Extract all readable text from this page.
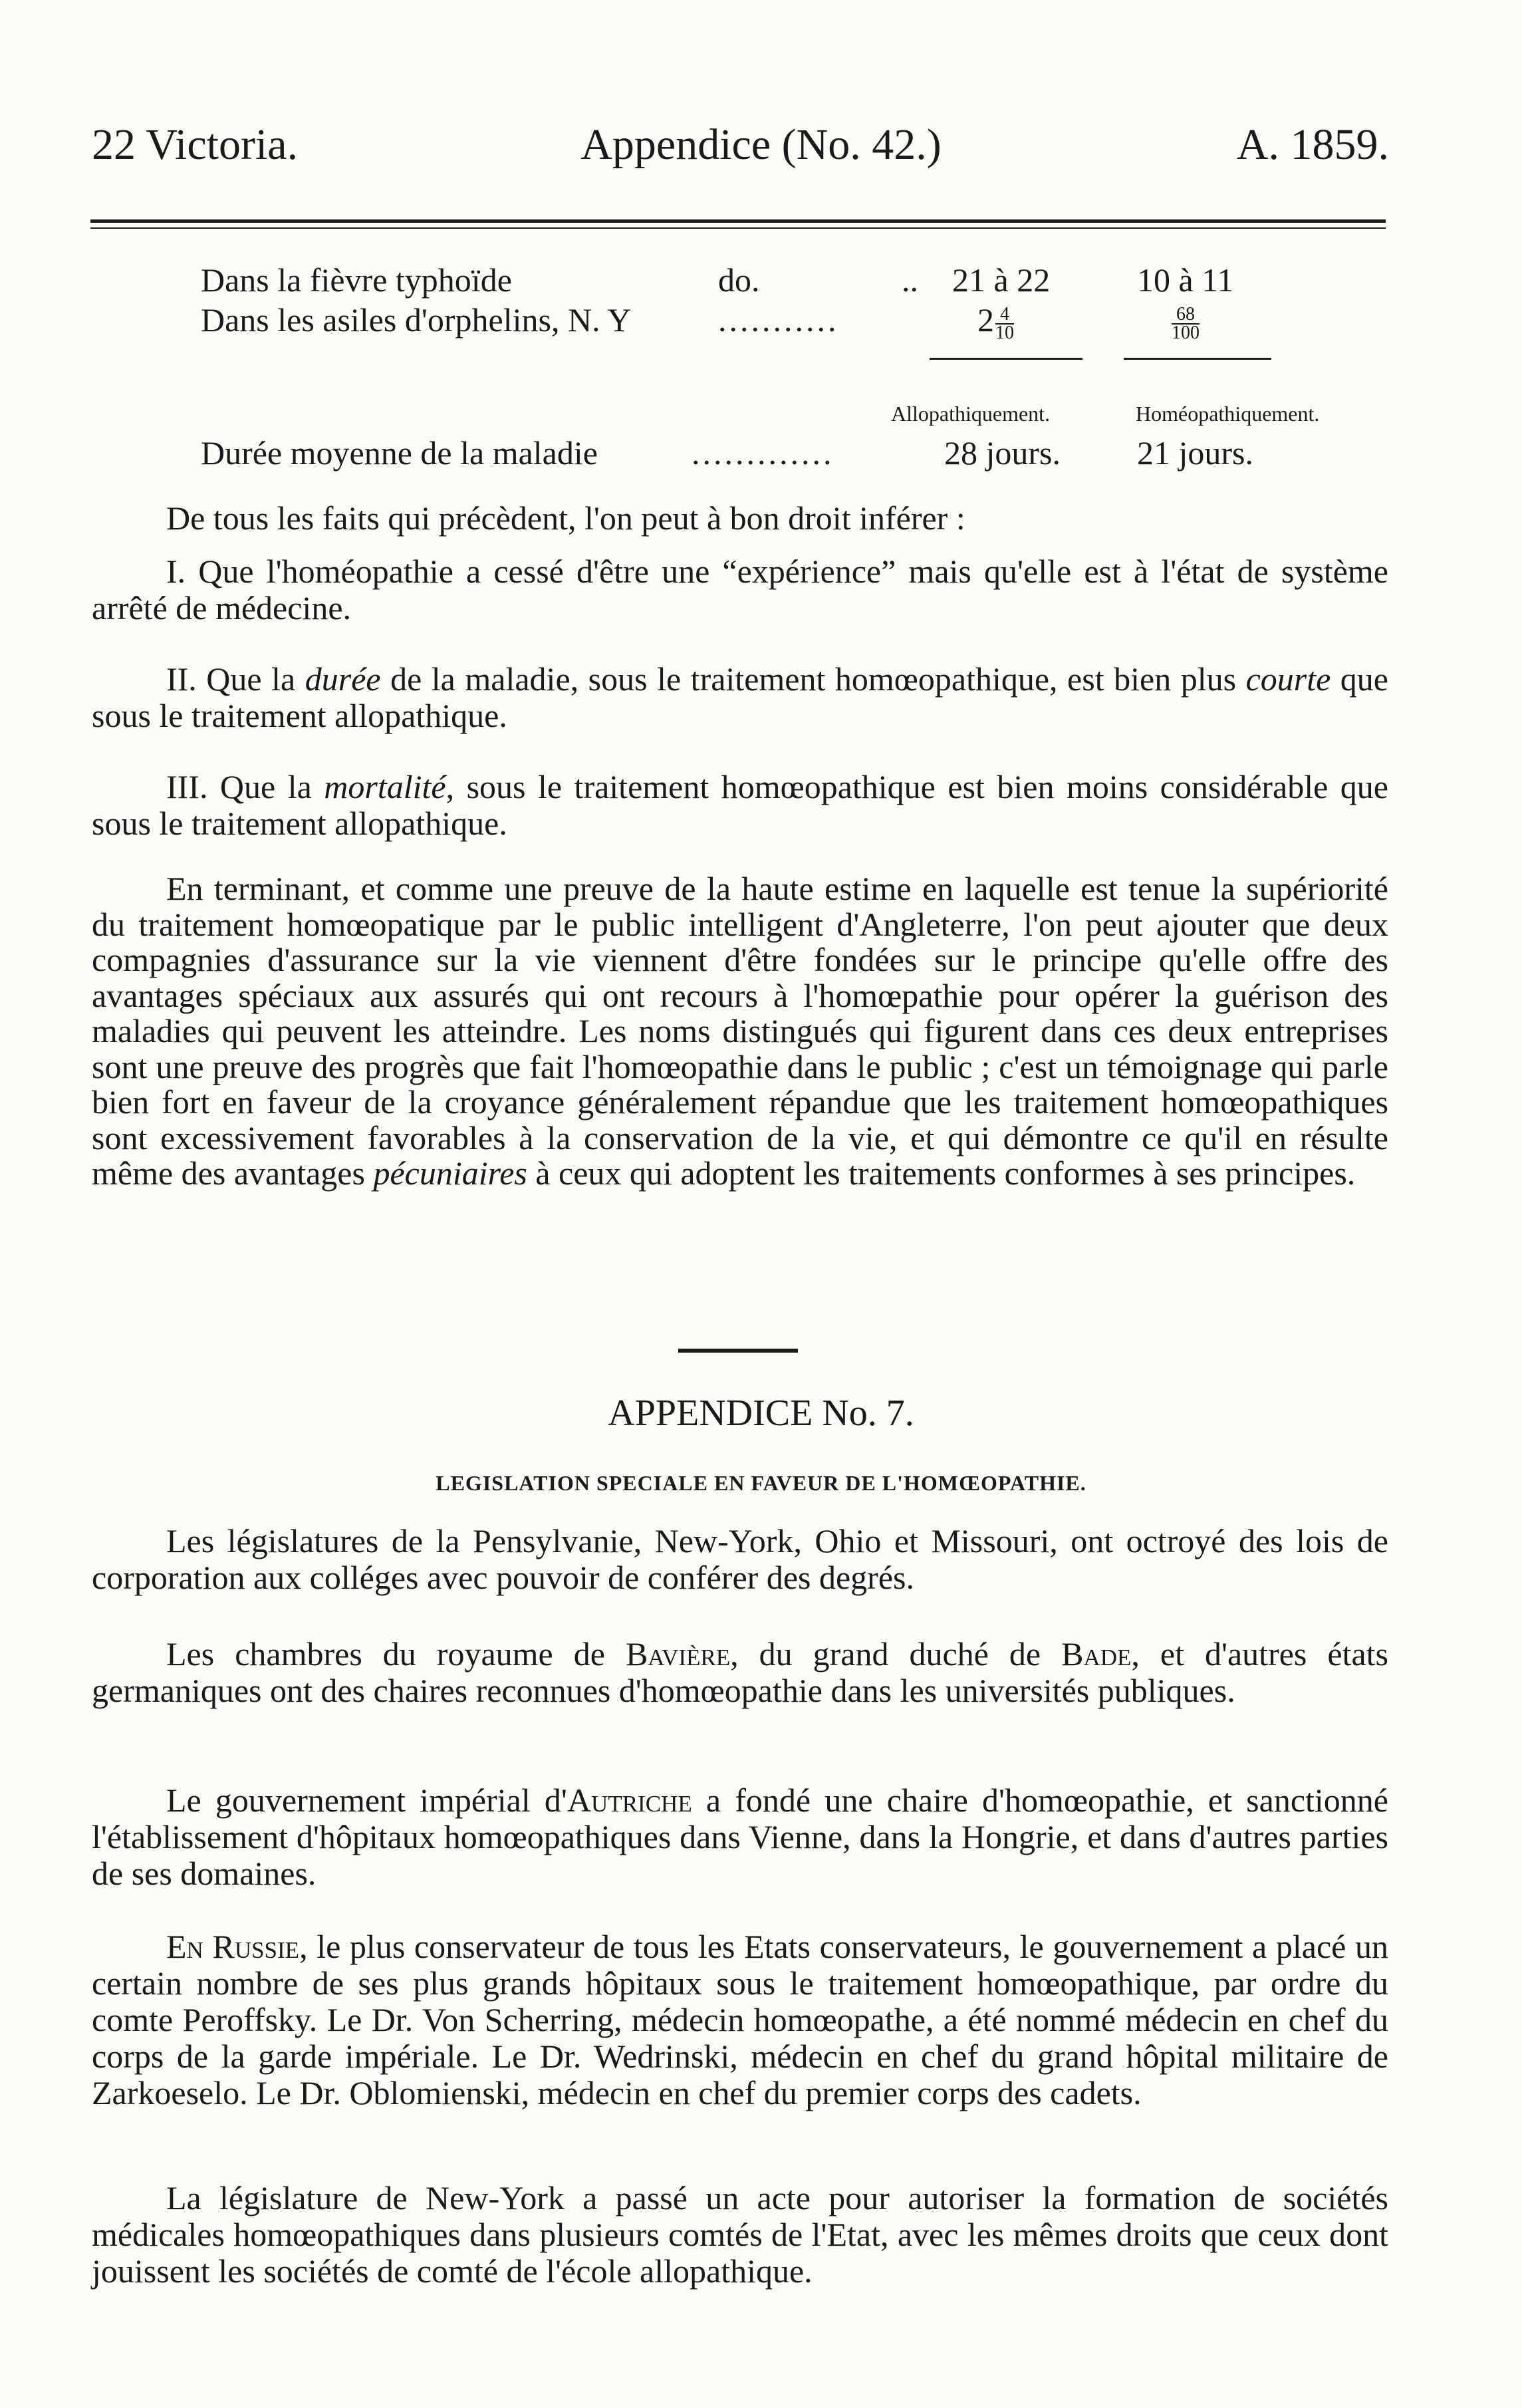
22 Victoria.	Appendice (No. 42.)	A. 1859.
Dans la fièvre typhoïde	do.	.. 21 à 22	10 à 11
Dans les asiles d'orphelins, N. Y	...........	$2 \frac{4}{10}$	$\frac{68}{100}$
Allopathiquement.	Homéopathiquement.
Durée moyenne de la maladie	.............	28 jours. 21 jours.
De tous les faits qui précèdent, l'on peut à bon droit inférer :
I. Que l'homéopathie a cessé d'être une “expérience” mais qu'elle est à l'état de système arrêté de médecine.
II. Que la durée de la maladie, sous le traitement homœopathique, est bien plus courte que sous le traitement allopathique.
III. Que la mortalité, sous le traitement homœopathique est bien moins considérable que sous le traitement allopathique.
En terminant, et comme une preuve de la haute estime en laquelle est tenue la supériorité du traitement homœopatique par le public intelligent d'Angleterre, l'on peut ajouter que deux compagnies d'assurance sur la vie viennent d'être fondées sur le principe qu'elle offre des avantages spéciaux aux assurés qui ont recours à l'homœpathie pour opérer la guérison des maladies qui peuvent les atteindre. Les noms distingués qui figurent dans ces deux entreprises sont une preuve des progrès que fait l'homœopathie dans le public ; c'est un témoignage qui parle bien fort en faveur de la croyance généralement répandue que les traitement homœopathiques sont excessivement favorables à la conservation de la vie, et qui démontre ce qu'il en résulte même des avantages pécuniaires à ceux qui adoptent les traitements conformes à ses principes.
APPENDICE No. 7.
LEGISLATION SPECIALE EN FAVEUR DE L'HOMŒOPATHIE.
Les législatures de la Pensylvanie, New-York, Ohio et Missouri, ont octroyé des lois de corporation aux colléges avec pouvoir de conférer des degrés.
Les chambres du royaume de Bavière, du grand duché de Bade, et d'autres états germaniques ont des chaires reconnues d'homœopathie dans les universités publiques.
Le gouvernement impérial d'Autriche a fondé une chaire d'homœopathie, et sanctionné l'établissement d'hôpitaux homœopathiques dans Vienne, dans la Hongrie, et dans d'autres parties de ses domaines.
En Russie, le plus conservateur de tous les Etats conservateurs, le gouvernement a placé un certain nombre de ses plus grands hôpitaux sous le traitement homœopathique, par ordre du comte Peroffsky. Le Dr. Von Scherring, médecin homœopathe, a été nommé médecin en chef du corps de la garde impériale. Le Dr. Wedrinski, médecin en chef du grand hôpital militaire de Zarkoeselo. Le Dr. Oblomienski, médecin en chef du premier corps des cadets.
La législature de New-York a passé un acte pour autoriser la formation de sociétés médicales homœopathiques dans plusieurs comtés de l'Etat, avec les mêmes droits que ceux dont jouissent les sociétés de comté de l'école allopathique.
